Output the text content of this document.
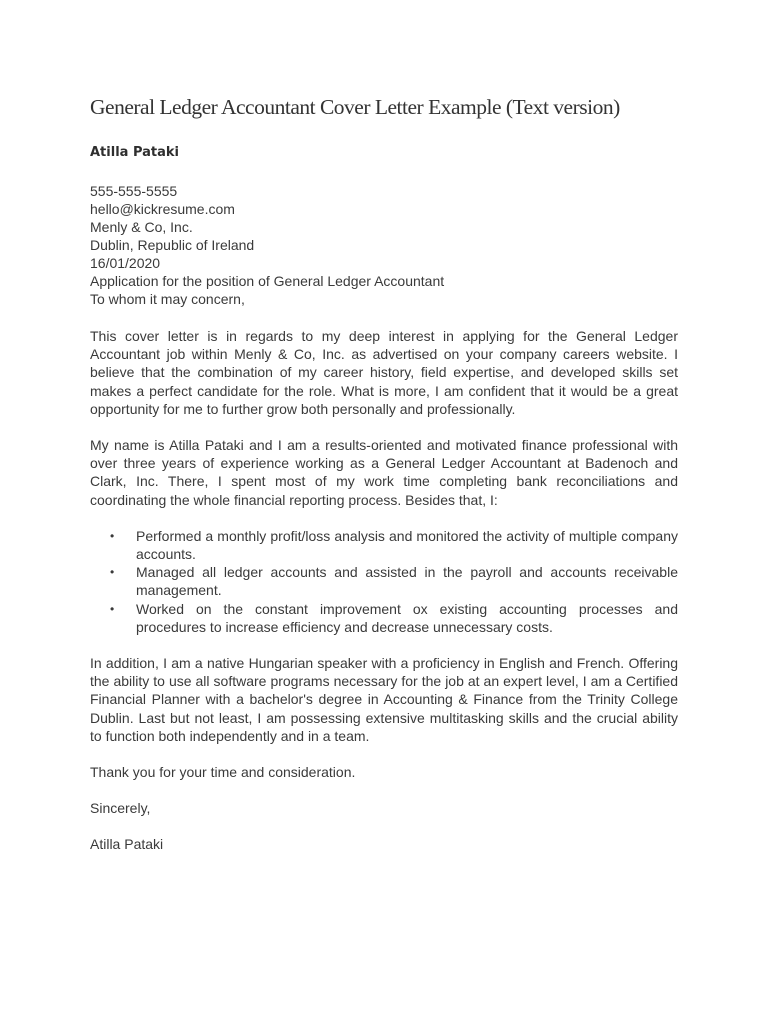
General Ledger Accountant Cover Letter Example (Text version)
Atilla Pataki
555-555-5555
hello@kickresume.com
Menly & Co, Inc.
Dublin, Republic of Ireland
16/01/2020
Application for the position of General Ledger Accountant
To whom it may concern,

This cover letter is in regards to my deep interest in applying for the General Ledger Accountant job within Menly & Co, Inc. as advertised on your company careers website. I believe that the combination of my career history, field expertise, and developed skills set makes a perfect candidate for the role. What is more, I am confident that it would be a great opportunity for me to further grow both personally and professionally.

My name is Atilla Pataki and I am a results-oriented and motivated finance professional with over three years of experience working as a General Ledger Accountant at Badenoch and Clark, Inc. There, I spent most of my work time completing bank reconciliations and coordinating the whole financial reporting process. Besides that, I:

• Performed a monthly profit/loss analysis and monitored the activity of multiple company accounts.
• Managed all ledger accounts and assisted in the payroll and accounts receivable management.
• Worked on the constant improvement ox existing accounting processes and procedures to increase efficiency and decrease unnecessary costs.

In addition, I am a native Hungarian speaker with a proficiency in English and French. Offering the ability to use all software programs necessary for the job at an expert level, I am a Certified Financial Planner with a bachelor's degree in Accounting & Finance from the Trinity College Dublin. Last but not least, I am possessing extensive multitasking skills and the crucial ability to function both independently and in a team.

Thank you for your time and consideration.
Sincerely,
Atilla Pataki
